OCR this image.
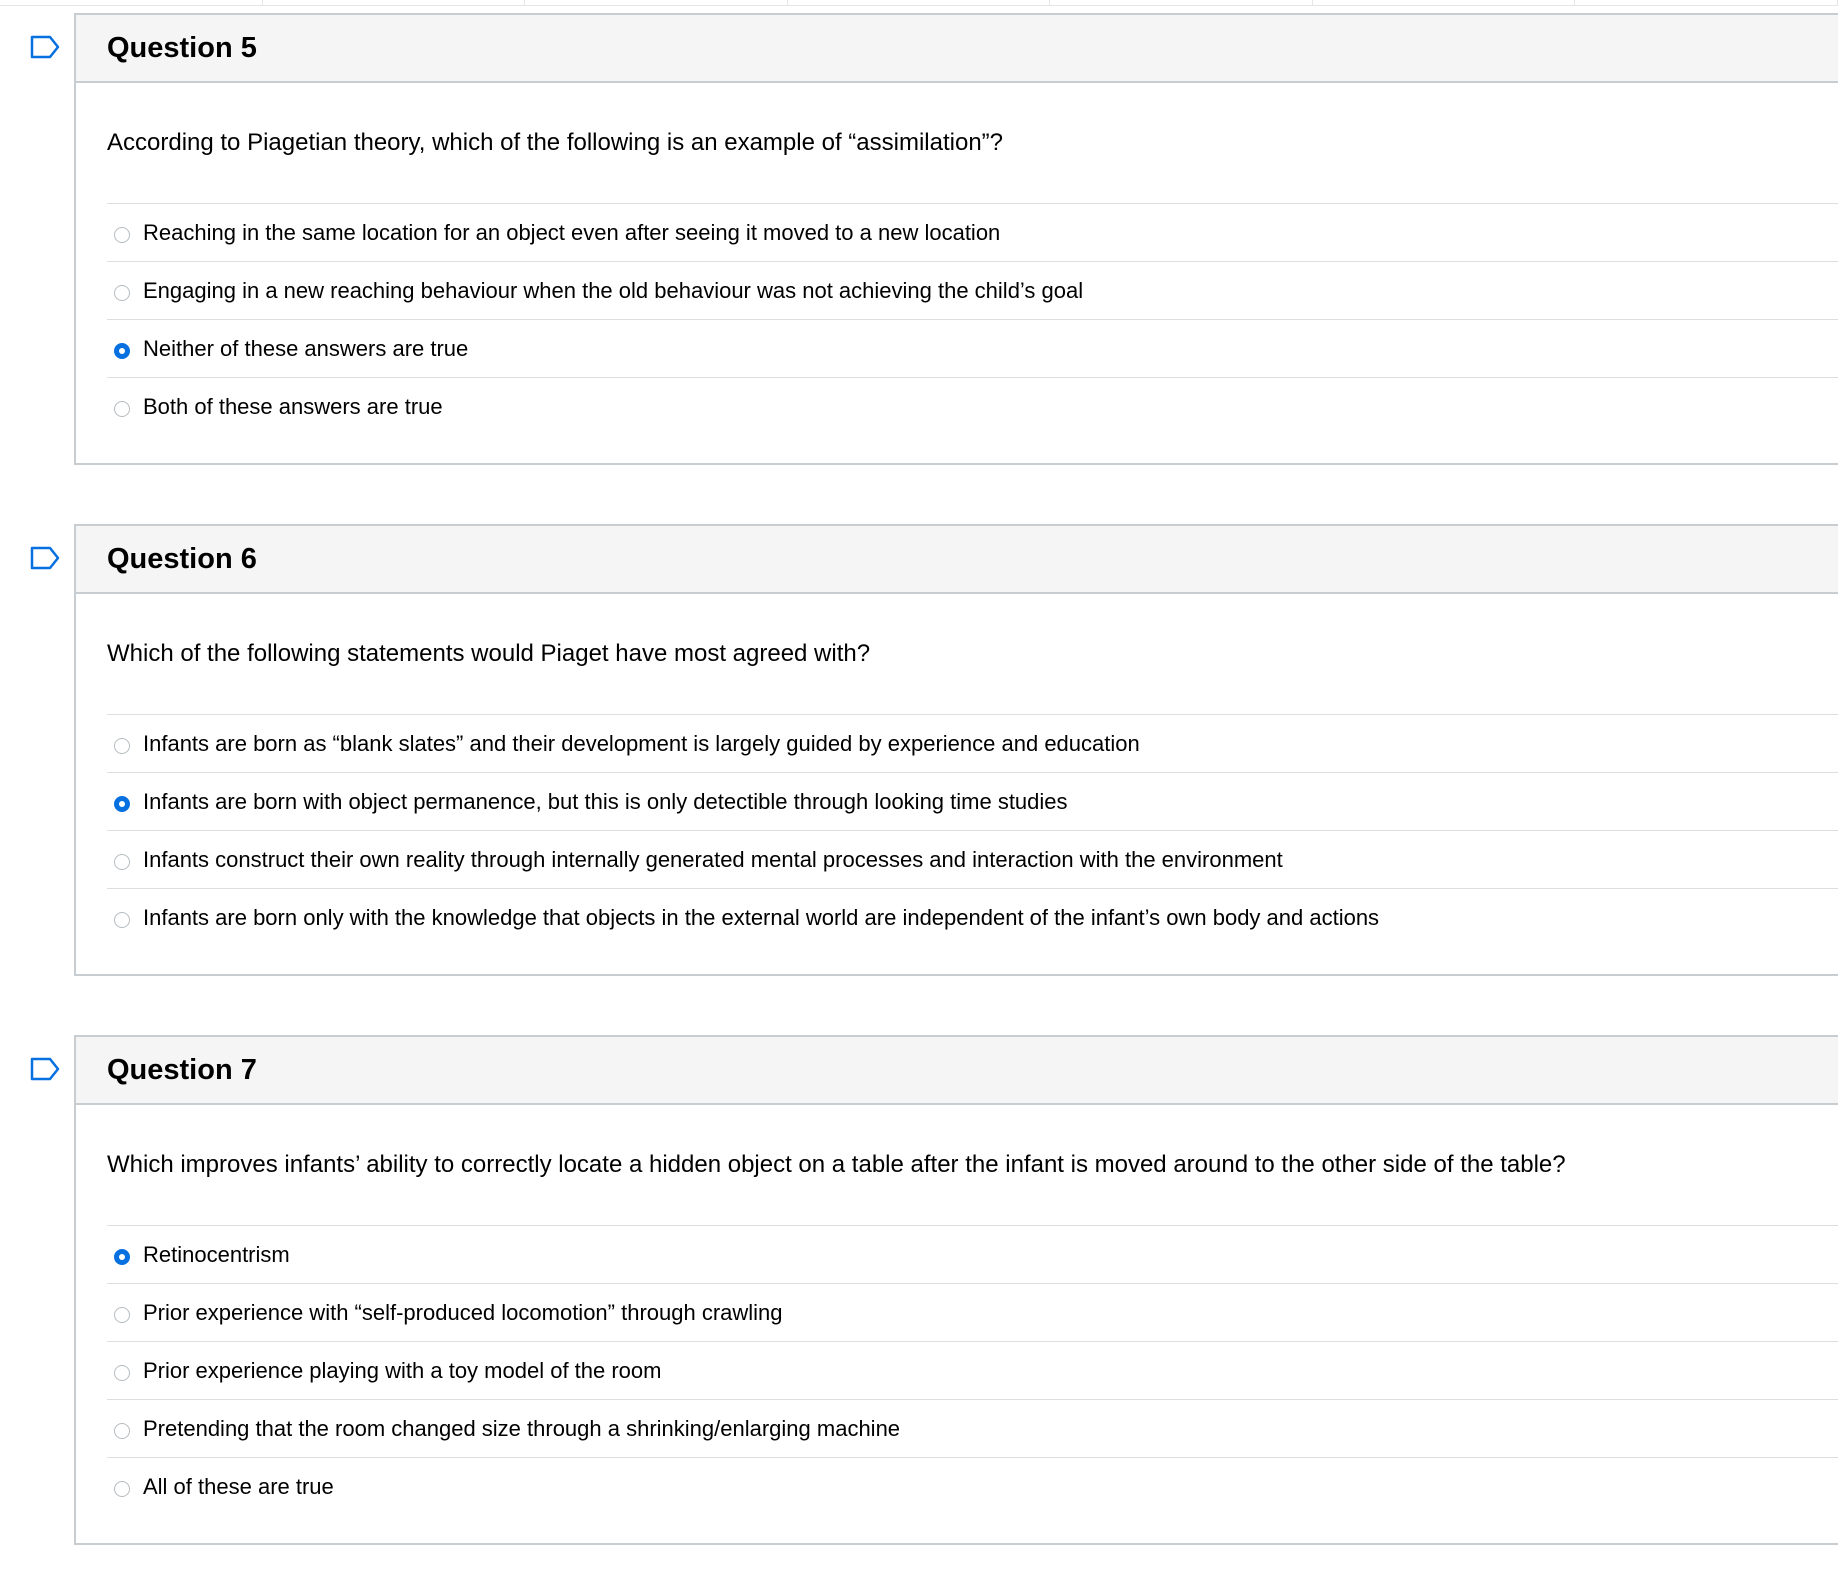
Question 5
According to Piagetian theory, which of the following is an example of “assimilation”?
Reaching in the same location for an object even after seeing it moved to a new location
Engaging in a new reaching behaviour when the old behaviour was not achieving the child’s goal
Neither of these answers are true
Both of these answers are true
Question 6
Which of the following statements would Piaget have most agreed with?
Infants are born as “blank slates” and their development is largely guided by experience and education
Infants are born with object permanence, but this is only detectible through looking time studies
Infants construct their own reality through internally generated mental processes and interaction with the environment
Infants are born only with the knowledge that objects in the external world are independent of the infant’s own body and actions
Question 7
Which improves infants’ ability to correctly locate a hidden object on a table after the infant is moved around to the other side of the table?
Retinocentrism
Prior experience with “self-produced locomotion” through crawling
Prior experience playing with a toy model of the room
Pretending that the room changed size through a shrinking/enlarging machine
All of these are true
